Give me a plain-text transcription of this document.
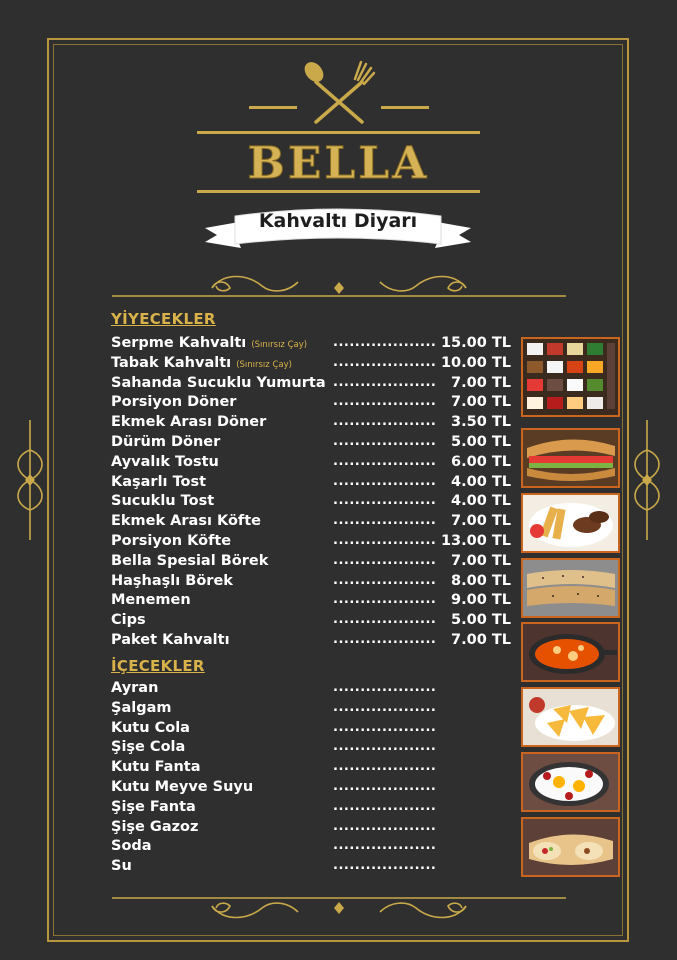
BELLA
Kahvaltı Diyarı
YİYECEKLER
Serpme Kahvaltı (Sınırsız Çay) ................... 15.00 TL
Tabak Kahvaltı (Sınırsız Çay)	................... 10.00 TL
Sahanda Sucuklu Yumurta ................... 7.00 TL
Porsiyon Döner	................... 7.00 TL
Ekmek Arası Döner	................... 3.50 TL
Dürüm Döner	................... 5.00 TL
Ayvalık Tostu	................... 6.00 TL
Kaşarlı Tost	................... 4.00 TL
Sucuklu Tost	................... 4.00 TL
Ekmek Arası Köfte	................... 7.00 TL
Porsiyon Köfte	................... 13.00 TL
Bella Spesial Börek	................... 7.00 TL
Haşhaşlı Börek	................... 8.00 TL
Menemen	................... 9.00 TL
Cips	................... 5.00 TL
Paket Kahvaltı	................... 7.00 TL
İÇECEKLER
Ayran	...................
Şalgam	...................
Kutu Cola	...................
Şişe Cola	...................
Kutu Fanta	...................
Kutu Meyve Suyu	...................
Şişe Fanta	...................
Şişe Gazoz	...................
Soda	...................
Su	...................
